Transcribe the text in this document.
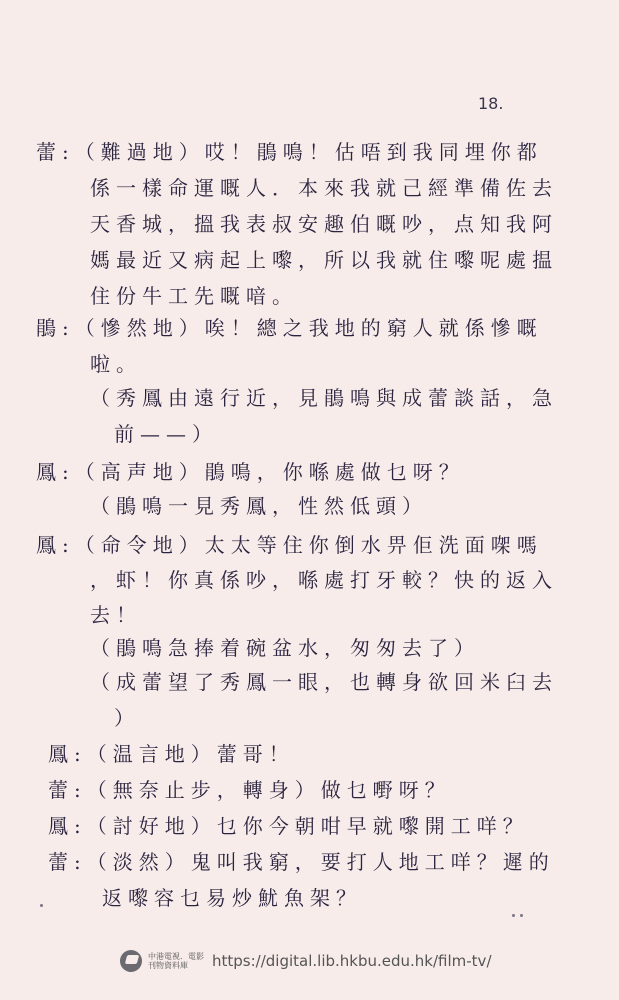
18.
蕾
鵑
鳳
鳳
鳳
蕾
鳳
蕾
:（難過地）哎！鵑鳴！估唔到我同埋你都
係一樣命運嘅人．本來我就己經準備佐去
天香城，搵我表叔安趣伯嘅吵，点知我阿
媽最近又病起上嚟，所以我就住嚟呢處揾
住份牛工先嘅喑。
:（慘然地）唉！總之我地的窮人就係慘嘅
啦。
（秀鳳由遠行近，見鵑鳴與成蕾談話，急
前——）
:（高声地）鵑鳴，你喺處做乜呀？
（鵑鳴一見秀鳳，性然低頭）
:（命令地）太太等住你倒水畀佢洗面㗎嗎
，虾！你真係吵，喺處打牙較？快的返入
去！
（鵑鳴急捧着碗盆水，匆匆去了）
（成蕾望了秀鳳一眼，也轉身欲回米臼去
）
:（温言地）蕾哥！
:（無奈止步，轉身）做乜嘢呀？
:（討好地）乜你今朝咁早就嚟開工咩？
:（淡然）鬼叫我窮，要打人地工咩？遲的
返嚟容乜易炒魷魚架？
中港電視．電影
刊物資料庫	https://digital.lib.hkbu.edu.hk/film-tv/
